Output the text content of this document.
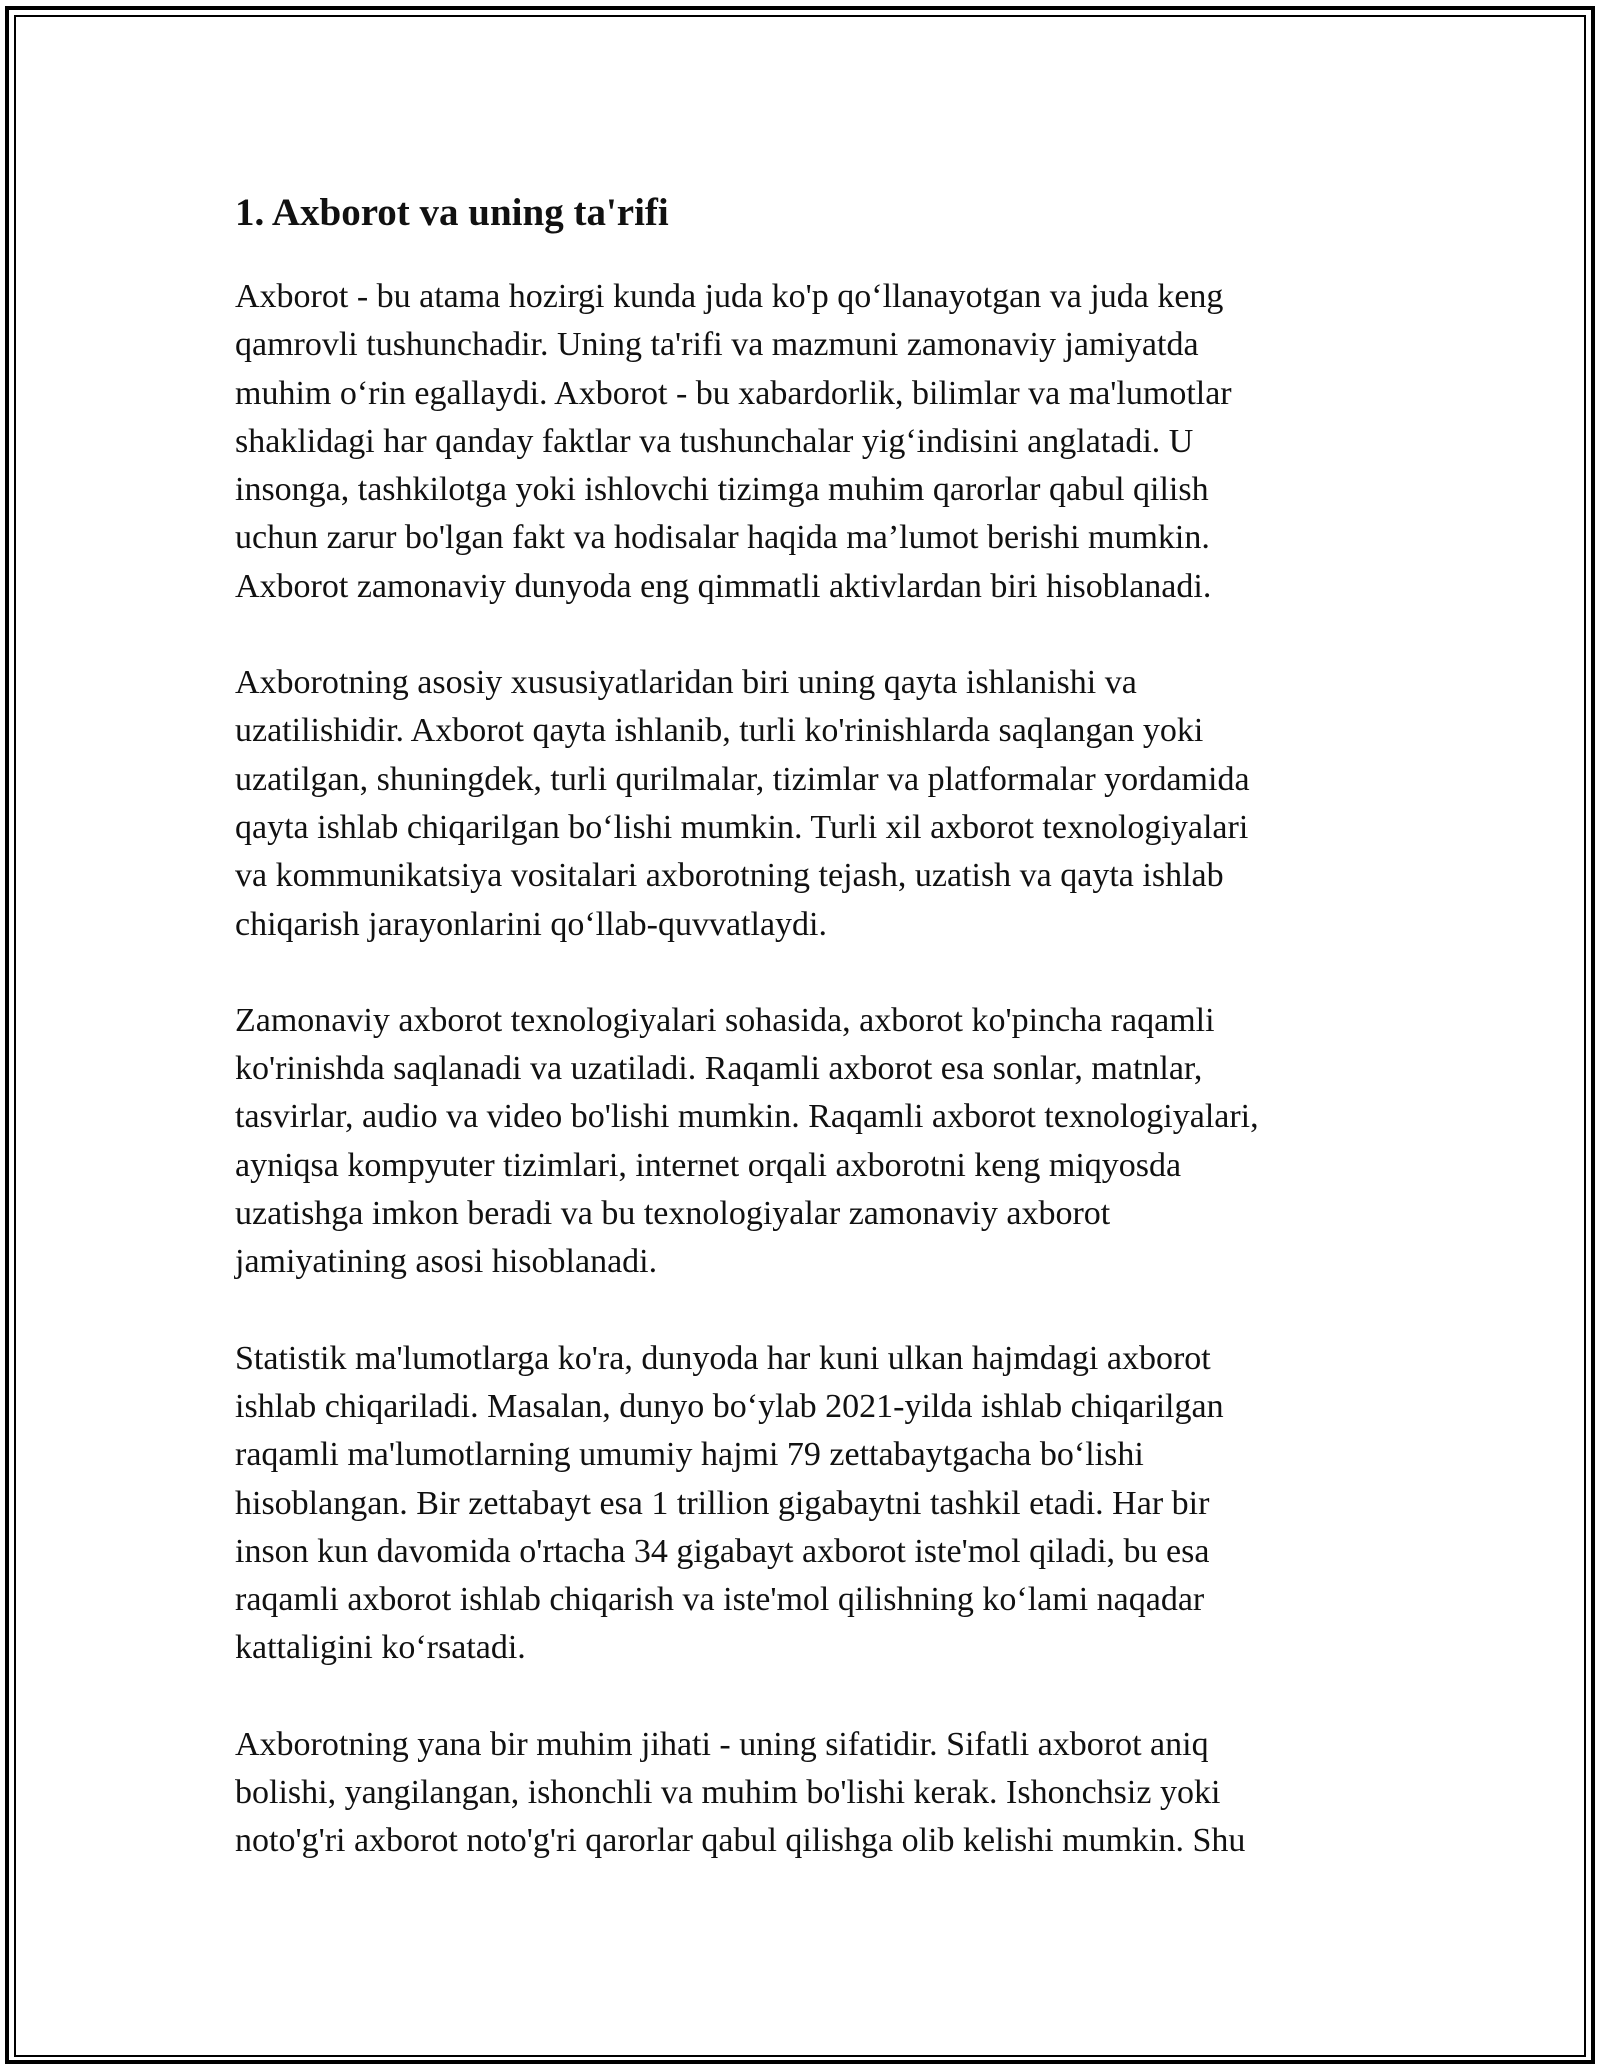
1. Axborot va uning ta'rifi

Axborot - bu atama hozirgi kunda juda ko'p qo‘llanayotgan va juda keng
qamrovli tushunchadir. Uning ta'rifi va mazmuni zamonaviy jamiyatda
muhim o‘rin egallaydi. Axborot - bu xabardorlik, bilimlar va ma'lumotlar
shaklidagi har qanday faktlar va tushunchalar yig‘indisini anglatadi. U
insonga, tashkilotga yoki ishlovchi tizimga muhim qarorlar qabul qilish
uchun zarur bo'lgan fakt va hodisalar haqida ma’lumot berishi mumkin.
Axborot zamonaviy dunyoda eng qimmatli aktivlardan biri hisoblanadi.

Axborotning asosiy xususiyatlaridan biri uning qayta ishlanishi va
uzatilishidir. Axborot qayta ishlanib, turli ko'rinishlarda saqlangan yoki
uzatilgan, shuningdek, turli qurilmalar, tizimlar va platformalar yordamida
qayta ishlab chiqarilgan bo‘lishi mumkin. Turli xil axborot texnologiyalari
va kommunikatsiya vositalari axborotning tejash, uzatish va qayta ishlab
chiqarish jarayonlarini qo‘llab-quvvatlaydi.

Zamonaviy axborot texnologiyalari sohasida, axborot ko'pincha raqamli
ko'rinishda saqlanadi va uzatiladi. Raqamli axborot esa sonlar, matnlar,
tasvirlar, audio va video bo'lishi mumkin. Raqamli axborot texnologiyalari,
ayniqsa kompyuter tizimlari, internet orqali axborotni keng miqyosda
uzatishga imkon beradi va bu texnologiyalar zamonaviy axborot
jamiyatining asosi hisoblanadi.

Statistik ma'lumotlarga ko'ra, dunyoda har kuni ulkan hajmdagi axborot
ishlab chiqariladi. Masalan, dunyo bo‘ylab 2021-yilda ishlab chiqarilgan
raqamli ma'lumotlarning umumiy hajmi 79 zettabaytgacha bo‘lishi
hisoblangan. Bir zettabayt esa 1 trillion gigabaytni tashkil etadi. Har bir
inson kun davomida o'rtacha 34 gigabayt axborot iste'mol qiladi, bu esa
raqamli axborot ishlab chiqarish va iste'mol qilishning ko‘lami naqadar
kattaligini ko‘rsatadi.

Axborotning yana bir muhim jihati - uning sifatidir. Sifatli axborot aniq
bolishi, yangilangan, ishonchli va muhim bo'lishi kerak. Ishonchsiz yoki
noto'g'ri axborot noto'g'ri qarorlar qabul qilishga olib kelishi mumkin. Shu
